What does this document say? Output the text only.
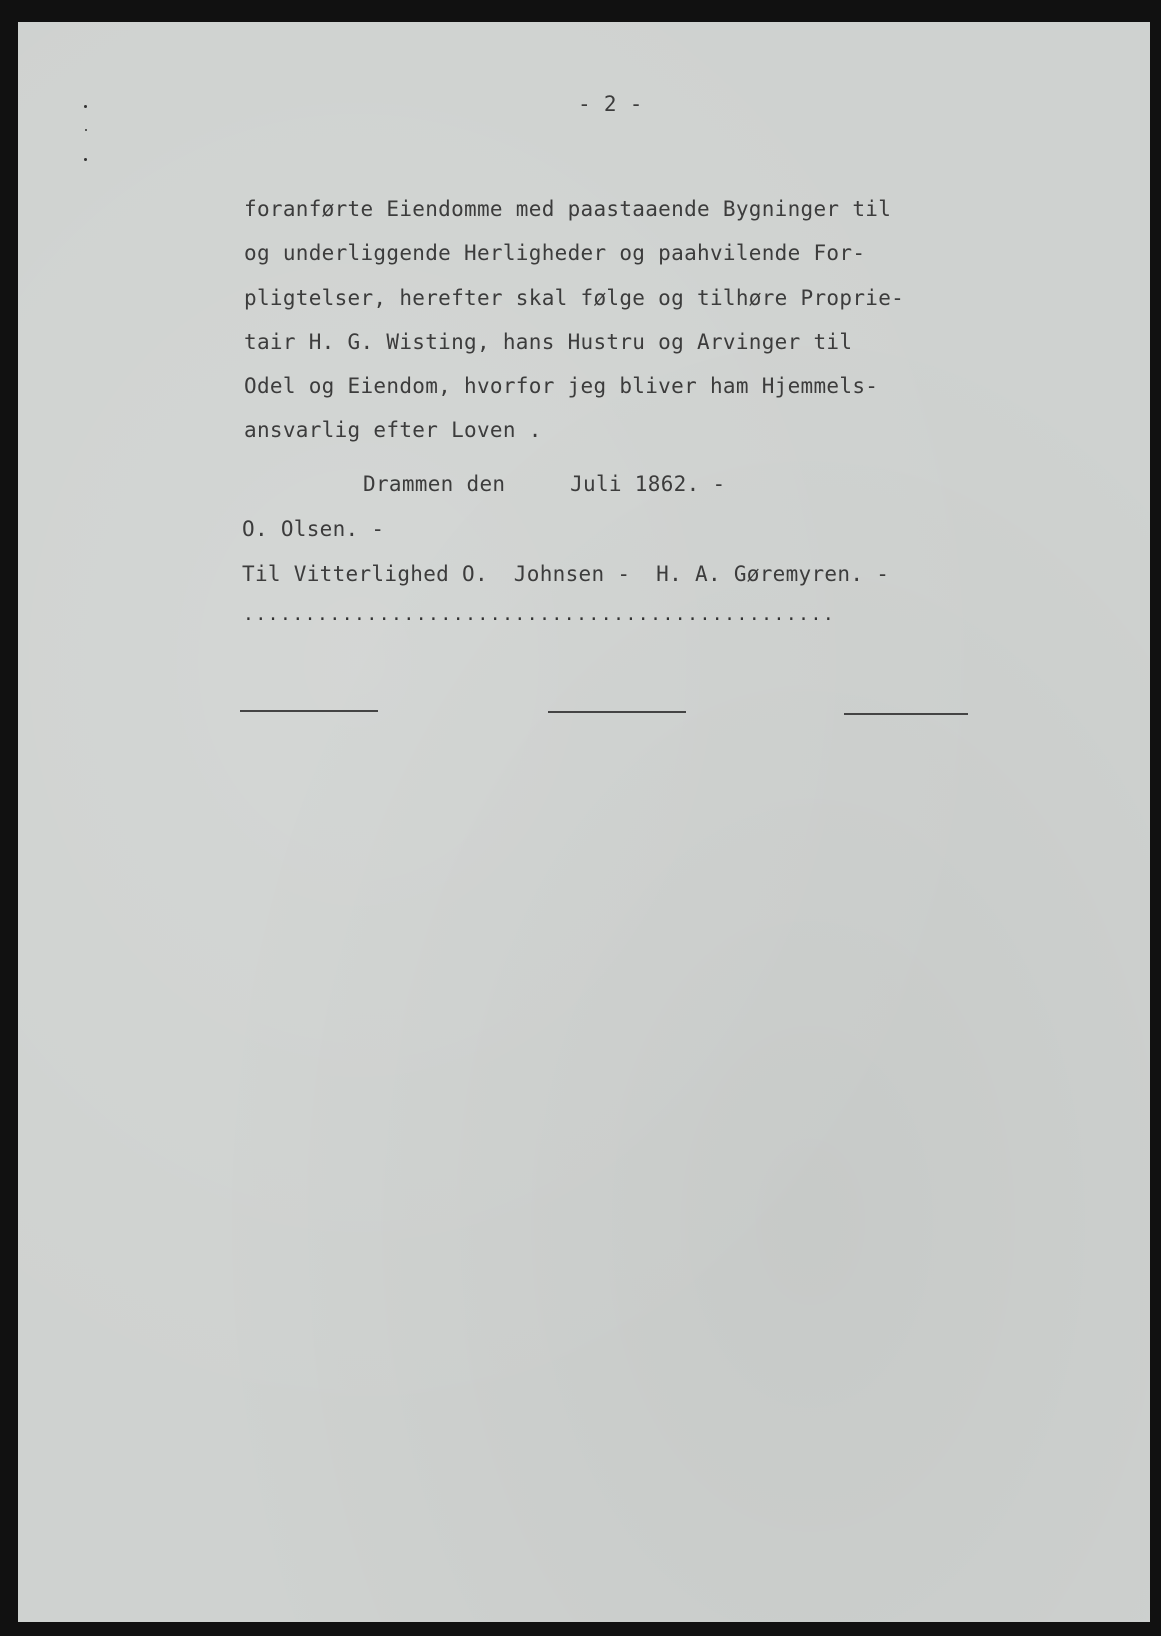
- 2 -
foranførte Eiendomme med paastaaende Bygninger til
og underliggende Herligheder og paahvilende For-
pligtelser, herefter skal følge og tilhøre Proprie-
tair H. G. Wisting, hans Hustru og Arvinger til
Odel og Eiendom, hvorfor jeg bliver ham Hjemmels-
ansvarlig efter Loven .
Drammen den     Juli 1862. -
O. Olsen. -
Til Vitterlighed O.  Johnsen -  H. A. Gøremyren. -
................................................
